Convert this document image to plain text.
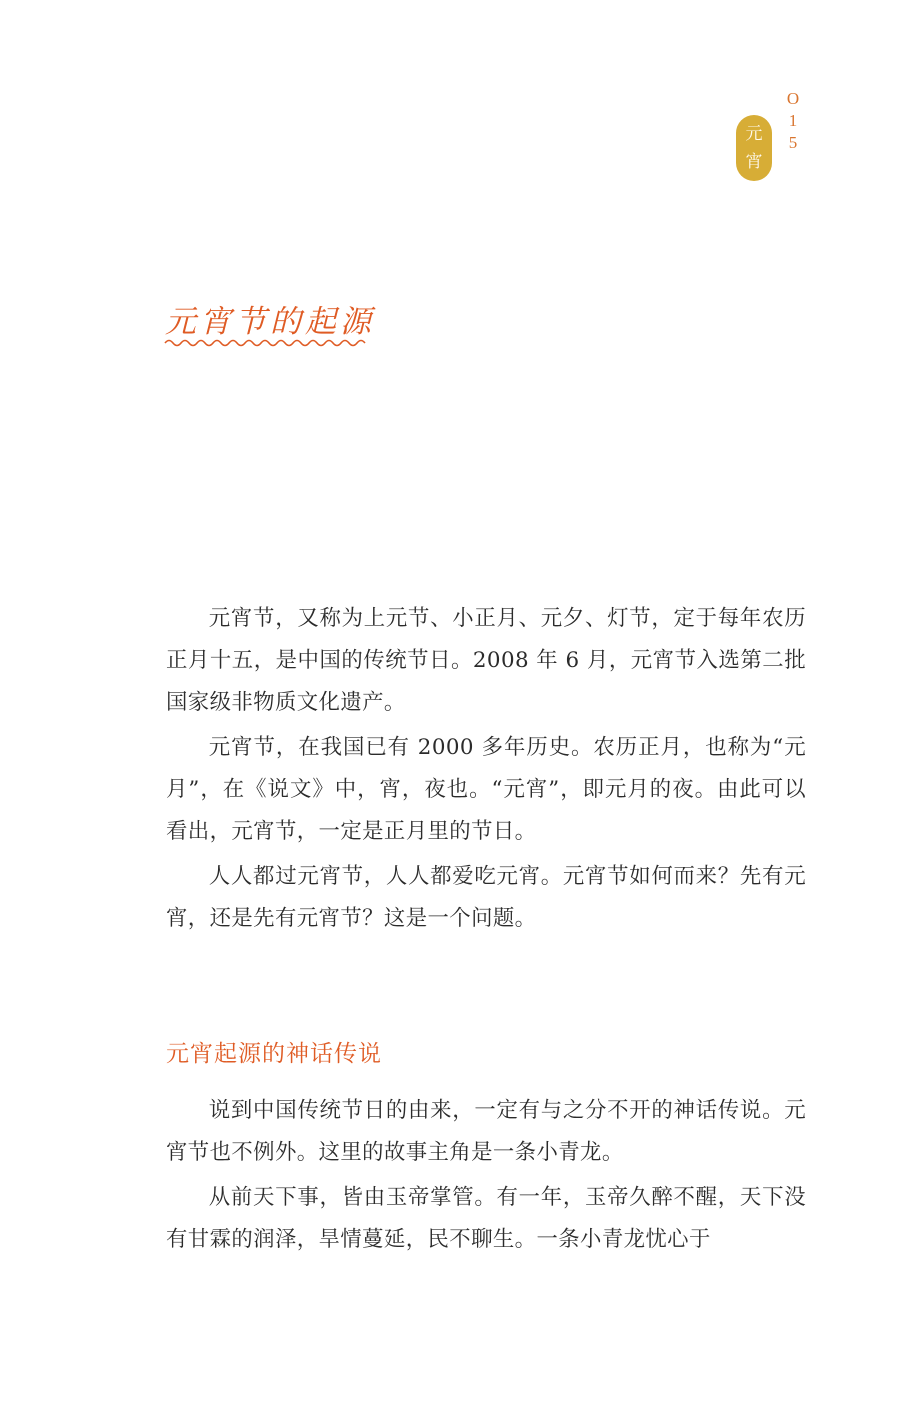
O
1
5
元
宵
元宵节的起源

元宵节，又称为上元节、小正月、元夕、灯节，定于每年农历正月十五，是中国的传统节日。2008 年 6 月，元宵节入选第二批国家级非物质文化遗产。

元宵节，在我国已有 2000 多年历史。农历正月，也称为“元月”，在《说文》中，宵，夜也。“元宵”，即元月的夜。由此可以看出，元宵节，一定是正月里的节日。

人人都过元宵节，人人都爱吃元宵。元宵节如何而来？先有元宵，还是先有元宵节？这是一个问题。

元宵起源的神话传说

说到中国传统节日的由来，一定有与之分不开的神话传说。元宵节也不例外。这里的故事主角是一条小青龙。

从前天下事，皆由玉帝掌管。有一年，玉帝久醉不醒，天下没有甘霖的润泽，旱情蔓延，民不聊生。一条小青龙忧心于
